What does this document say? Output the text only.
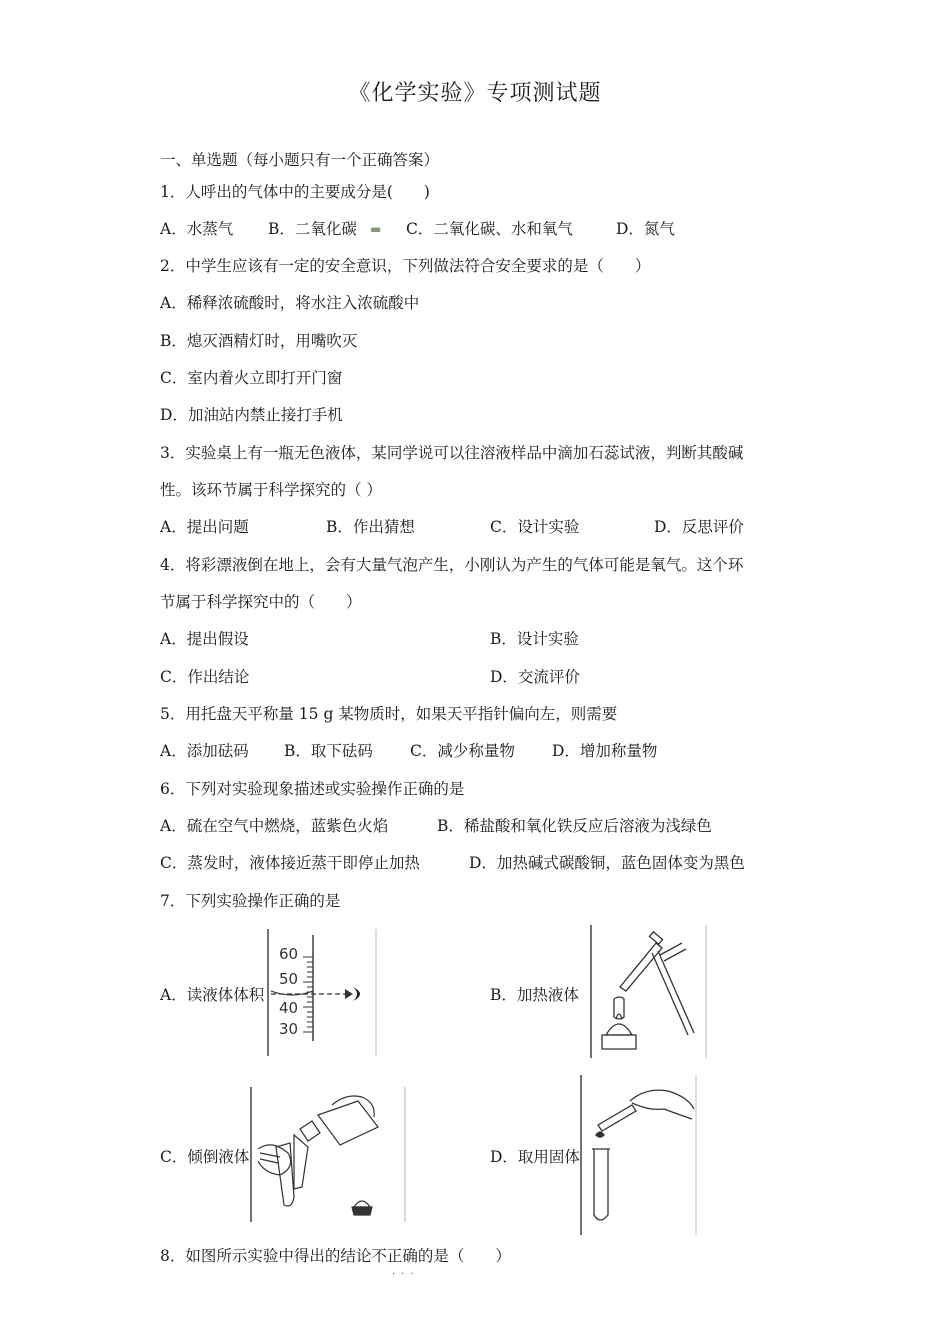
《化学实验》专项测试题
一、单选题（每小题只有一个正确答案）
1．人呼出的气体中的主要成分是(　　)
A．水蒸气 B．二氧化碳 ▬ C．二氧化碳、水和氧气	D．氮气
2．中学生应该有一定的安全意识，下列做法符合安全要求的是（　　）
A．稀释浓硫酸时，将水注入浓硫酸中
B．熄灭酒精灯时，用嘴吹灭
C．室内着火立即打开门窗
D．加油站内禁止接打手机
3．实验桌上有一瓶无色液体，某同学说可以往溶液样品中滴加石蕊试液，判断其酸碱
性。该环节属于科学探究的（ ）
A．提出问题	B．作出猜想	C．设计实验	D．反思评价
4．将彩漂液倒在地上，会有大量气泡产生，小刚认为产生的气体可能是氧气。这个环
节属于科学探究中的（　　）
A．提出假设	B．设计实验
C．作出结论	D．交流评价
5．用托盘天平称量 15 g 某物质时，如果天平指针偏向左，则需要
A．添加砝码 B．取下砝码 C．减少称量物 D．增加称量物
6．下列对实验现象描述或实验操作正确的是
A．硫在空气中燃烧，蓝紫色火焰	B．稀盐酸和氧化铁反应后溶液为浅绿色
C．蒸发时，液体接近蒸干即停止加热	D．加热碱式碳酸铜，蓝色固体变为黑色
7．下列实验操作正确的是
A．读液体体积
60
50
40
30
B．加热液体
C．倾倒液体	D．取用固体
8．如图所示实验中得出的结论不正确的是（　　）
...
